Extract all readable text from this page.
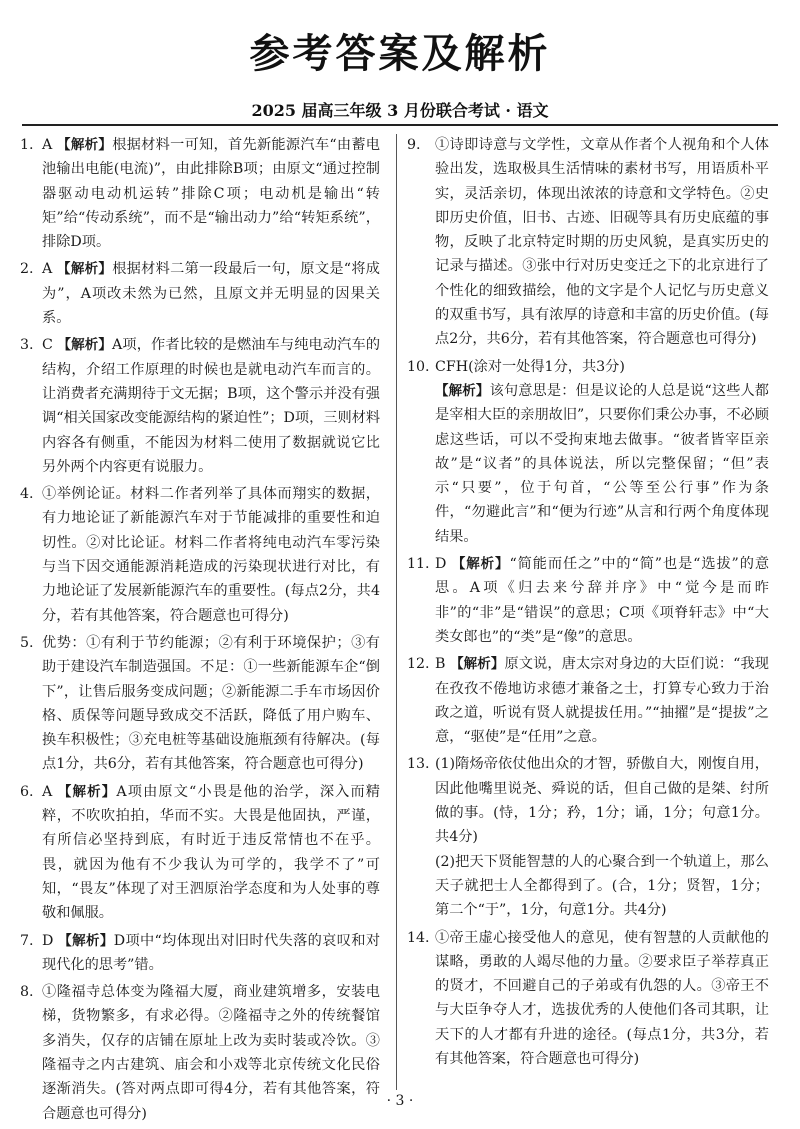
参考答案及解析
2025 届高三年级 3 月份联合考试 · 语文
1. A 【解析】根据材料一可知，首先新能源汽车“由蓄电池输出电能(电流)”，由此排除B项；由原文“通过控制器驱动电动机运转”排除C项；电动机是输出“转矩”给“传动系统”，而不是“输出动力”给“转矩系统”，排除D项。
2. A 【解析】根据材料二第一段最后一句，原文是“将成为”，A项改未然为已然，且原文并无明显的因果关系。
3. C 【解析】A项，作者比较的是燃油车与纯电动汽车的结构，介绍工作原理的时候也是就电动汽车而言的。让消费者充满期待于文无据；B项，这个警示并没有强调“相关国家改变能源结构的紧迫性”；D项，三则材料内容各有侧重，不能因为材料二使用了数据就说它比另外两个内容更有说服力。
4. ①举例论证。材料二作者列举了具体而翔实的数据，有力地论证了新能源汽车对于节能减排的重要性和迫切性。②对比论证。材料二作者将纯电动汽车零污染与当下因交通能源消耗造成的污染现状进行对比，有力地论证了发展新能源汽车的重要性。(每点2分，共4分，若有其他答案，符合题意也可得分)
5. 优势：①有利于节约能源；②有利于环境保护；③有助于建设汽车制造强国。不足：①一些新能源车企“倒下”，让售后服务变成问题；②新能源二手车市场因价格、质保等问题导致成交不活跃，降低了用户购车、换车积极性；③充电桩等基础设施瓶颈有待解决。(每点1分，共6分，若有其他答案，符合题意也可得分)
6. A 【解析】A项由原文“小畏是他的治学，深入而精粹，不吹吹拍拍，华而不实。大畏是他固执，严谨，有所信必坚持到底，有时近于违反常情也不在乎。畏，就因为他有不少我认为可学的，我学不了”可知，“畏友”体现了对王泗原治学态度和为人处事的尊敬和佩服。
7. D 【解析】D项中“均体现出对旧时代失落的哀叹和对现代化的思考”错。
8. ①隆福寺总体变为隆福大厦，商业建筑增多，安装电梯，货物繁多，有求必得。②隆福寺之外的传统餐馆多消失，仅存的店铺在原址上改为卖时装或冷饮。③隆福寺之内古建筑、庙会和小戏等北京传统文化民俗逐渐消失。(答对两点即可得4分，若有其他答案，符合题意也可得分)
9.	①诗即诗意与文学性，文章从作者个人视角和个人体验出发，选取极具生活情味的素材书写，用语质朴平实，灵活亲切，体现出浓浓的诗意和文学特色。②史即历史价值，旧书、古迹、旧砚等具有历史底蕴的事物，反映了北京特定时期的历史风貌，是真实历史的记录与描述。③张中行对历史变迁之下的北京进行了个性化的细致描绘，他的文字是个人记忆与历史意义的双重书写，具有浓厚的诗意和丰富的历史价值。(每点2分，共6分，若有其他答案，符合题意也可得分)
10. CFH(涂对一处得1分，共3分)
【解析】该句意思是：但是议论的人总是说“这些人都是宰相大臣的亲朋故旧”，只要你们秉公办事，不必顾虑这些话，可以不受拘束地去做事。“彼者皆宰臣亲故”是“议者”的具体说法，所以完整保留；“但”表示“只要”，位于句首，“公等至公行事”作为条件，“勿避此言”和“便为行迹”从言和行两个角度体现结果。
11. D 【解析】“简能而任之”中的“简”也是“选拔”的意思。A项《归去来兮辞并序》中“觉今是而昨非”的“非”是“错误”的意思；C项《项脊轩志》中“大类女郎也”的“类”是“像”的意思。
12. B 【解析】原文说，唐太宗对身边的大臣们说：“我现在孜孜不倦地访求德才兼备之士，打算专心致力于治政之道，听说有贤人就提拔任用。”“抽擢”是“提拔”之意，“驱使”是“任用”之意。
13. (1)隋炀帝依仗他出众的才智，骄傲自大，刚愎自用，因此他嘴里说尧、舜说的话，但自己做的是桀、纣所做的事。(恃，1分；矜，1分；诵，1分；句意1分。共4分)
(2)把天下贤能智慧的人的心聚合到一个轨道上，那么天子就把士人全都得到了。(合，1分；贤智，1分；第二个“于”，1分，句意1分。共4分)
14. ①帝王虚心接受他人的意见，使有智慧的人贡献他的谋略，勇敢的人竭尽他的力量。②要求臣子举荐真正的贤才，不回避自己的子弟或有仇怨的人。③帝王不与大臣争夺人才，选拔优秀的人使他们各司其职，让天下的人才都有升进的途径。(每点1分，共3分，若有其他答案，符合题意也可得分)
· 3 ·
